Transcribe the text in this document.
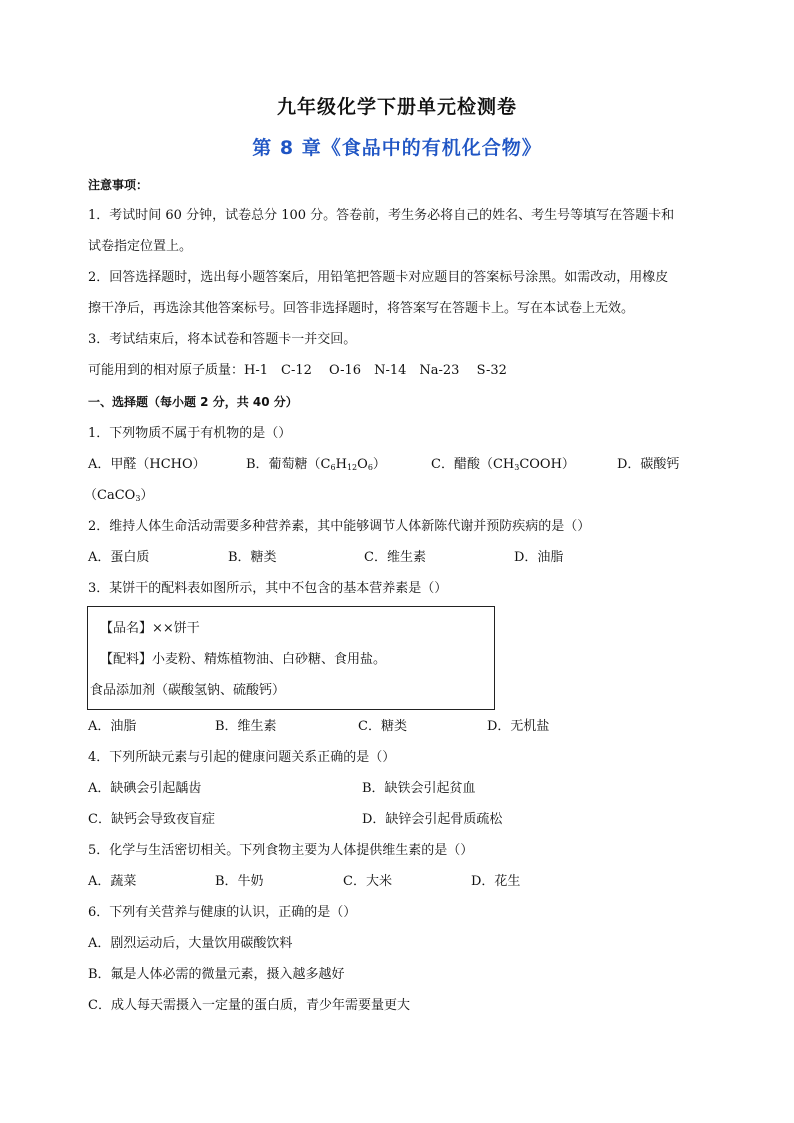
九年级化学下册单元检测卷
第 8 章《食品中的有机化合物》
注意事项：
1．考试时间 60 分钟，试卷总分 100 分。答卷前，考生务必将自己的姓名、考生号等填写在答题卡和
试卷指定位置上。
2．回答选择题时，选出每小题答案后，用铅笔把答题卡对应题目的答案标号涂黑。如需改动，用橡皮
擦干净后，再选涂其他答案标号。回答非选择题时，将答案写在答题卡上。写在本试卷上无效。
3．考试结束后，将本试卷和答题卡一并交回。
可能用到的相对原子质量：H-1　C-12　 O-16　N-14　Na-23　 S-32
一、选择题（每小题 2 分，共 40 分）
1．下列物质不属于有机物的是（）
A．甲醛（HCHO）	B．葡萄糖$(C_6H_{12}O_6)$	C．醋酸$(CH_3COOH)$	D．碳酸钙
（CaCO$_3$）
2．维持人体生命活动需要多种营养素，其中能够调节人体新陈代谢并预防疾病的是（）
A．蛋白质	B．糖类	C．维生素	D．油脂
3．某饼干的配料表如图所示，其中不包含的基本营养素是（）
【品名】××饼干
【配料】小麦粉、精炼植物油、白砂糖、食用盐。
食品添加剂（碳酸氢钠、硫酸钙）
A．油脂	B．维生素	C．糖类	D．无机盐
4．下列所缺元素与引起的健康问题关系正确的是（）
A．缺碘会引起龋齿	B．缺铁会引起贫血
C．缺钙会导致夜盲症	D．缺锌会引起骨质疏松
5．化学与生活密切相关。下列食物主要为人体提供维生素的是（）
A．蔬菜	B．牛奶	C．大米	D．花生
6．下列有关营养与健康的认识，正确的是（）
A．剧烈运动后，大量饮用碳酸饮料
B．氟是人体必需的微量元素，摄入越多越好
C．成人每天需摄入一定量的蛋白质，青少年需要量更大
